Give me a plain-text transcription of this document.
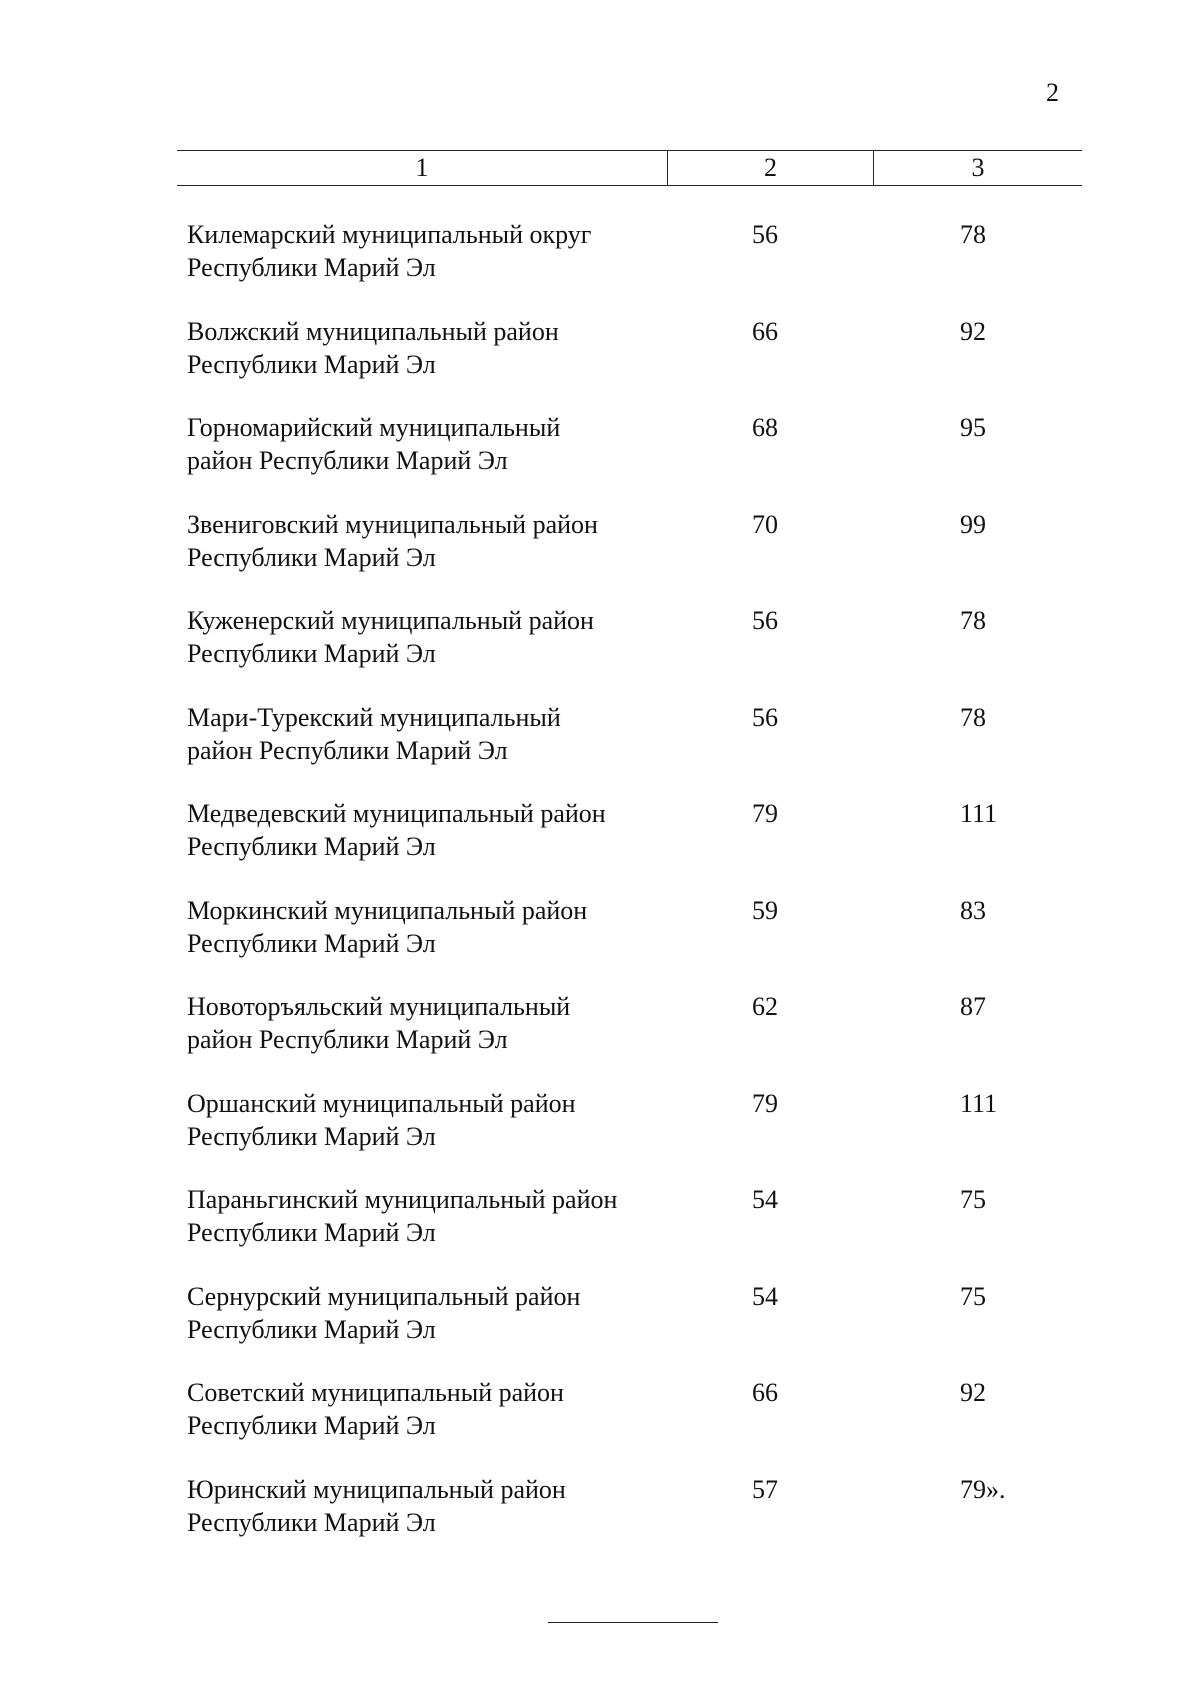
2
1	2	3
Килемарский муниципальный округ
Республики Марий Эл
56	78
Волжский муниципальный район
Республики Марий Эл
66	92
Горномарийский муниципальный
район Республики Марий Эл
68	95
Звениговский муниципальный район
Республики Марий Эл
70	99
Куженерский муниципальный район
Республики Марий Эл
56	78
Мари-Турекский муниципальный
район Республики Марий Эл
56	78
Медведевский муниципальный район
Республики Марий Эл
79	111
Моркинский муниципальный район
Республики Марий Эл
59	83
Новоторъяльский муниципальный
район Республики Марий Эл
62	87
Оршанский муниципальный район
Республики Марий Эл
79	111
Параньгинский муниципальный район
Республики Марий Эл
54	75
Сернурский муниципальный район
Республики Марий Эл
54	75
Советский муниципальный район
Республики Марий Эл
66	92
Юринский муниципальный район
Республики Марий Эл
57	79».
